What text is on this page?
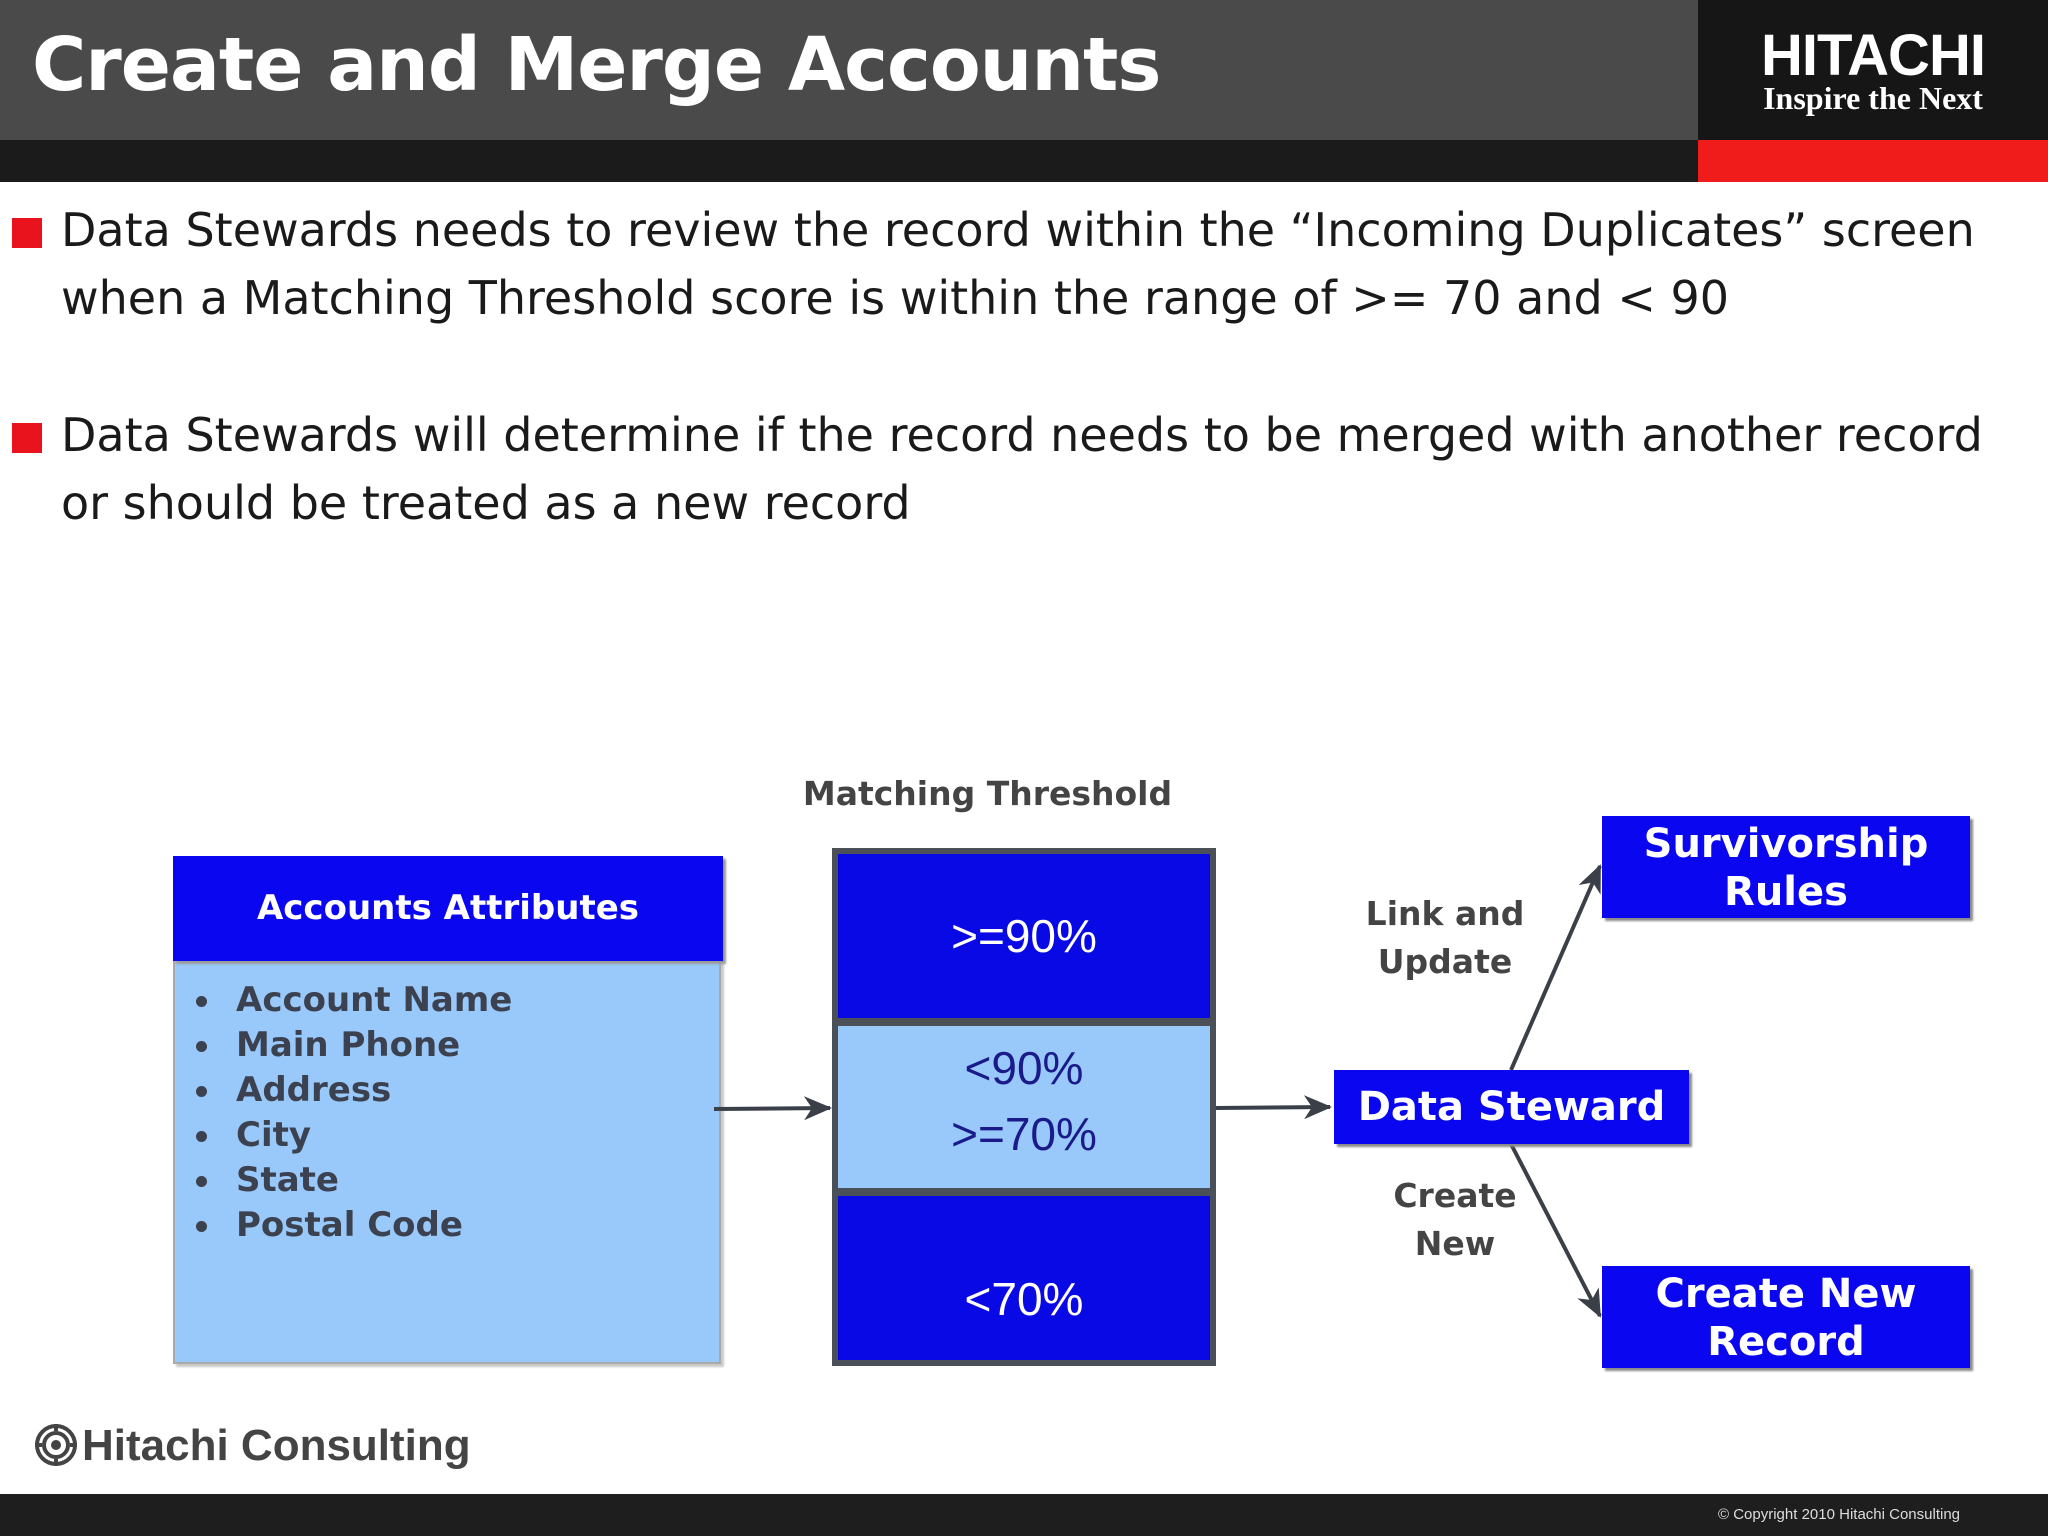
Create and Merge Accounts	HITACHI
Inspire the Next
Data Stewards needs to review the record within the “Incoming Duplicates” screen when a Matching Threshold score is within the range of >= 70 and < 90
Data Stewards will determine if the record needs to be merged with another record or should be treated as a new record
Matching Threshold
Accounts Attributes
Account Name
Main Phone
Address
City
State
Postal Code
>=90%
<90%
>=70%
<70%
Data Steward
Survivorship
Rules
Create New
Record
Link and
Update
Create
New
Hitachi Consulting
© Copyright 2010 Hitachi Consulting
